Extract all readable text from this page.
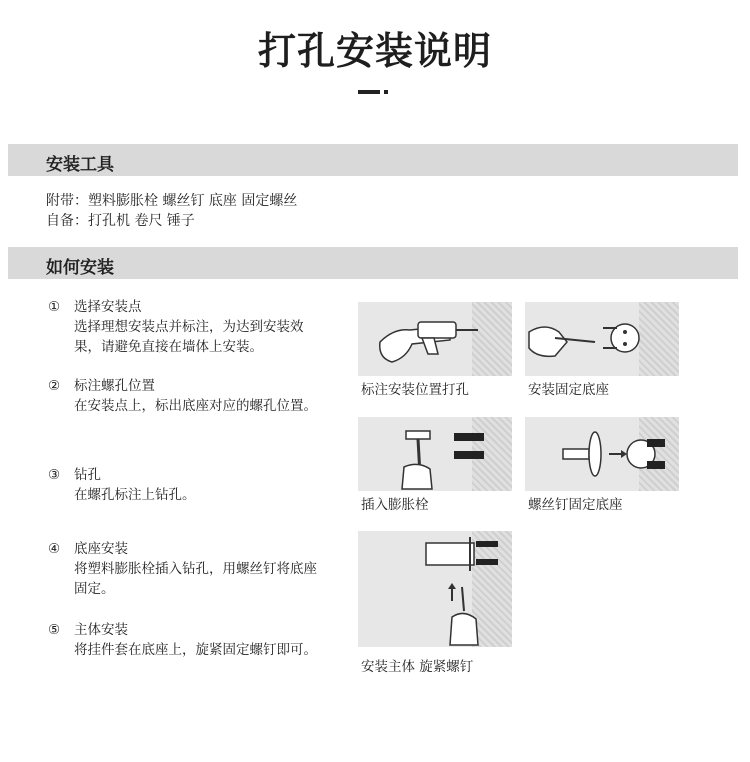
打孔安装说明
安装工具
附带：塑料膨胀栓 螺丝钉 底座 固定螺丝
自备：打孔机 卷尺 锤子
如何安装
①	选择安装点
选择理想安装点并标注，为达到安装效果，请避免直接在墙体上安装。
②	标注螺孔位置
在安装点上，标出底座对应的螺孔位置。
③	钻孔
在螺孔标注上钻孔。
④	底座安装
将塑料膨胀栓插入钻孔，用螺丝钉将底座固定。
⑤	主体安装
将挂件套在底座上，旋紧固定螺钉即可。
标注安装位置打孔	安装固定底座
插入膨胀栓	螺丝钉固定底座
安装主体 旋紧螺钉
